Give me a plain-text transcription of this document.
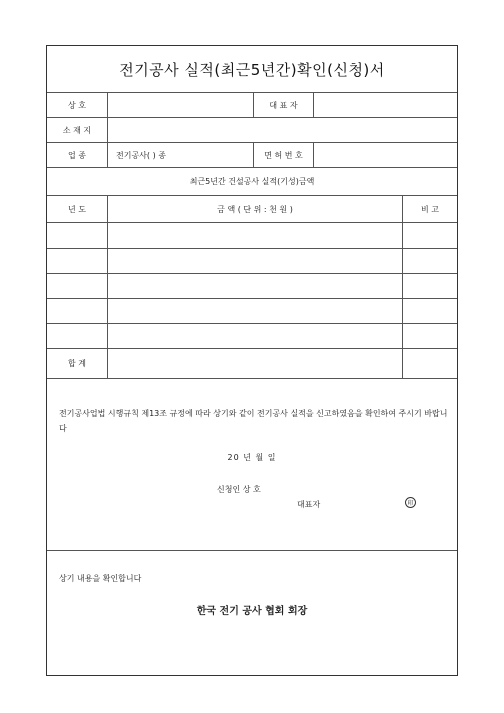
전기공사 실적(최근5년간)확인(신청)서
상 호	대 표 자
소 재 지
업 종	전기공사( ) 종	면 허 번 호
최근5년간 건설공사 실적(기성)금액
년 도	금 액 ( 단 위 : 천 원 )	비 고
합 계
전기공사업법 시행규칙 제13조 규정에 따라 상기와 같이 전기공사 실적을 신고하였음을 확인하여 주시기 바랍니다
20 년 월 일
신청인 상 호
대표자	印
상기 내용을 확인합니다
한국 전기 공사 협회 회장
